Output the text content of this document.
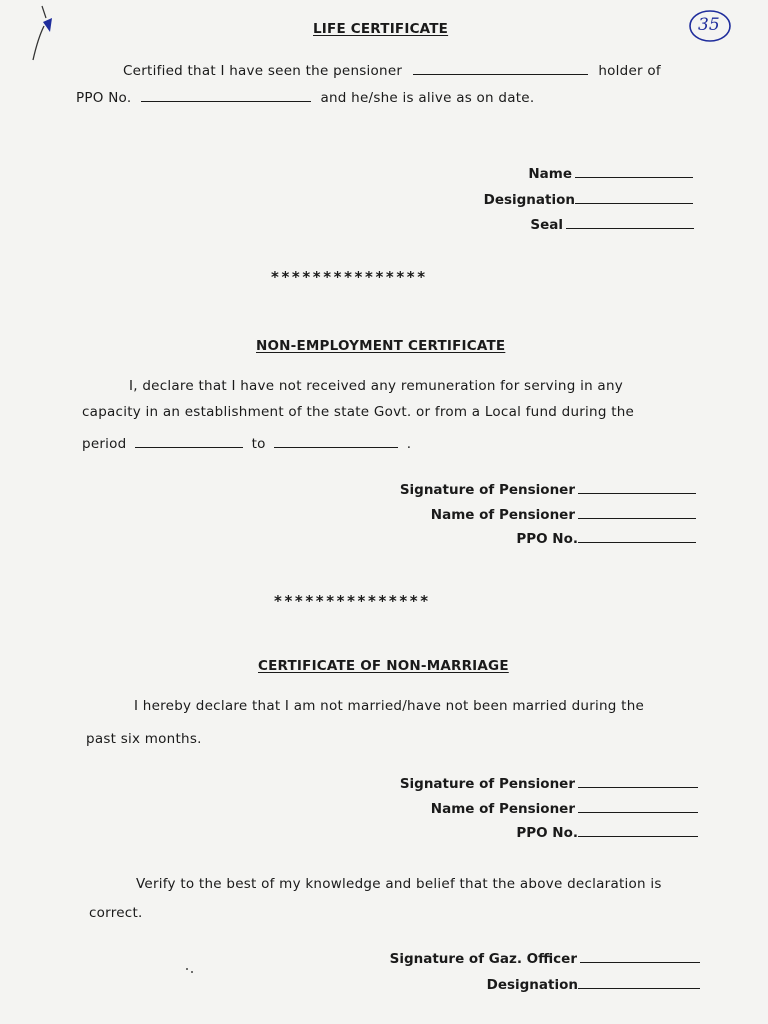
35
LIFE CERTIFICATE
Certified that I have seen the pensioner	holder of
PPO No.	and he/she is alive as on date.
Name
Designation
Seal
***************
NON-EMPLOYMENT CERTIFICATE
I, declare that I have not received any remuneration for serving in any
capacity in an establishment of the state Govt. or from a Local fund during the
period	to	.
Signature of Pensioner
Name of Pensioner
PPO No.
***************
CERTIFICATE OF NON-MARRIAGE
I hereby declare that I am not married/have not been married during the
past six months.
Signature of Pensioner
Name of Pensioner
PPO No.
Verify to the best of my knowledge and belief that the above declaration is
correct.
Signature of Gaz. Officer
Designation
